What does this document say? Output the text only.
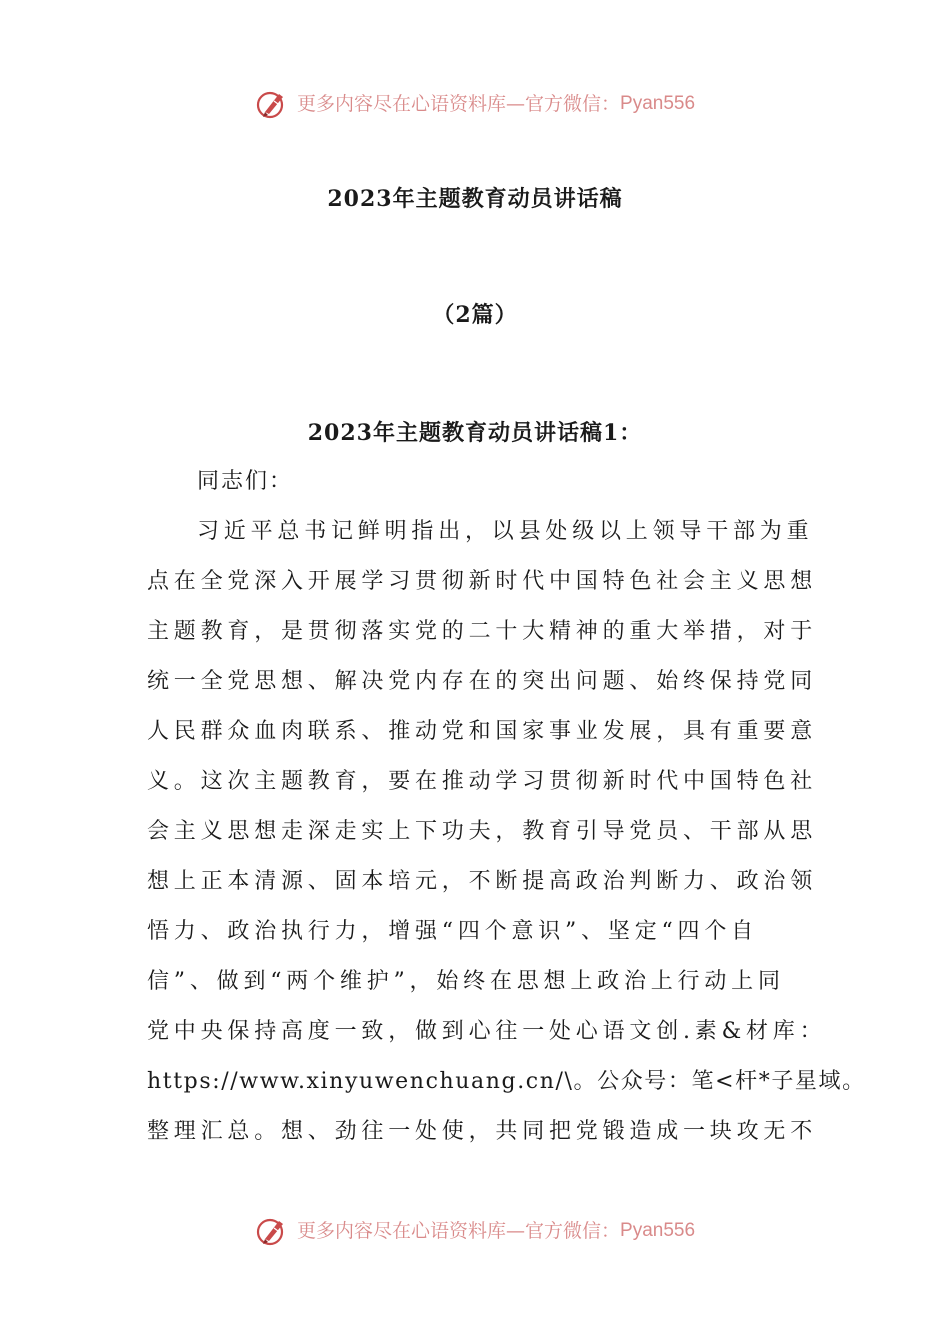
更多内容尽在心语资料库—官方微信：Pyan556
2023年主题教育动员讲话稿
（2篇）
2023年主题教育动员讲话稿1：
同志们：
习近平总书记鲜明指出，以县处级以上领导干部为重
点在全党深入开展学习贯彻新时代中国特色社会主义思想
主题教育，是贯彻落实党的二十大精神的重大举措，对于
统一全党思想、解决党内存在的突出问题、始终保持党同
人民群众血肉联系、推动党和国家事业发展，具有重要意
义。这次主题教育，要在推动学习贯彻新时代中国特色社
会主义思想走深走实上下功夫，教育引导党员、干部从思
想上正本清源、固本培元，不断提高政治判断力、政治领
悟力、政治执行力，增强“四个意识”、坚定“四个自
信”、做到“两个维护”，始终在思想上政治上行动上同
党中央保持高度一致，做到心往一处心语文创.素&材库：
https://www.xinyuwenchuang.cn/\。公众号：笔<杆*子星域。
整理汇总。想、劲往一处使，共同把党锻造成一块攻无不
更多内容尽在心语资料库—官方微信：Pyan556
